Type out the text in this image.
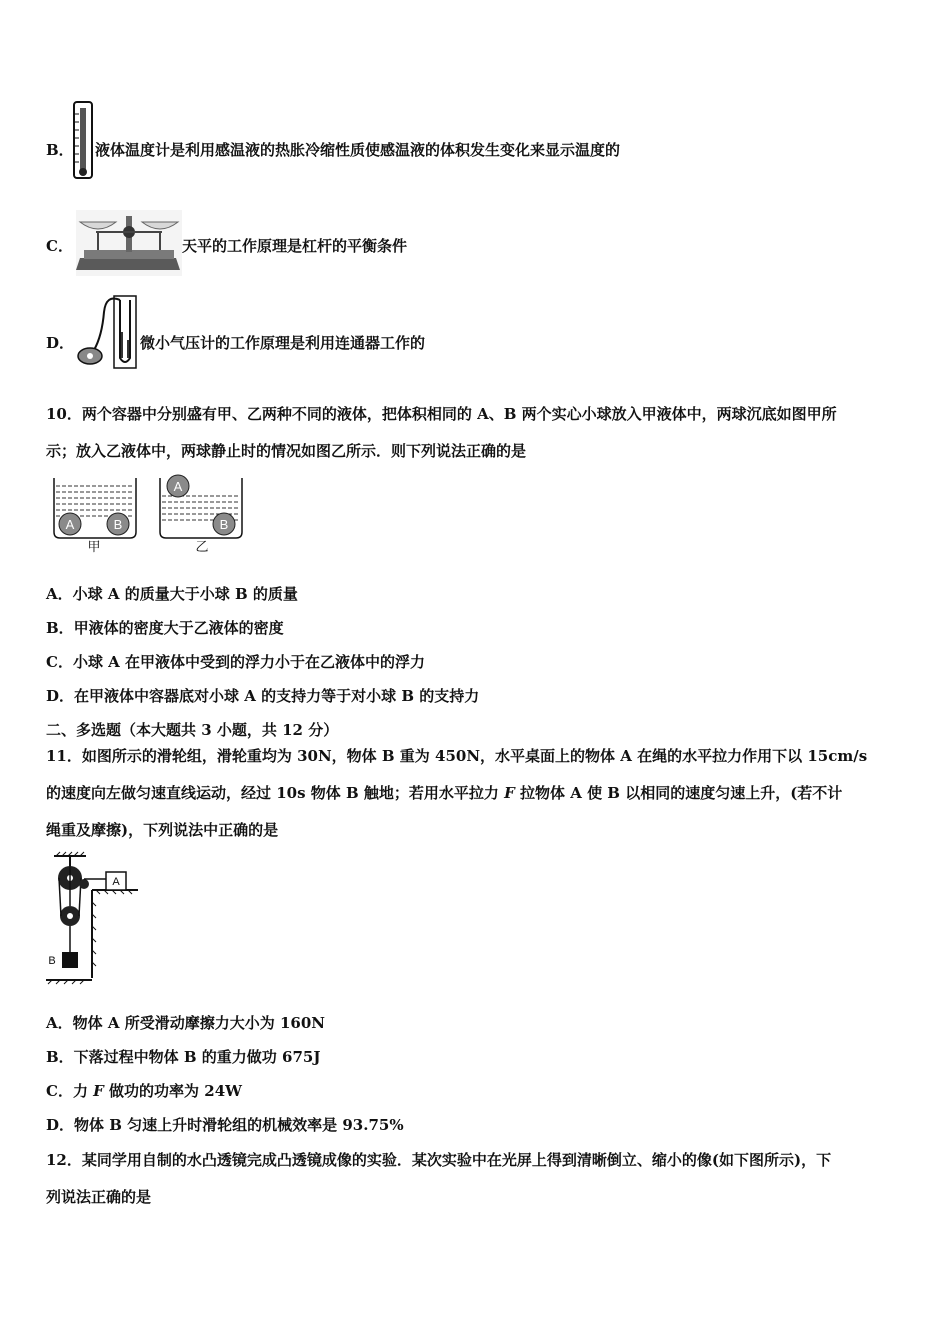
B． 液体温度计是利用感温液的热胀冷缩性质使感温液的体积发生变化来显示温度的
C．	天平的工作原理是杠杆的平衡条件
D．	微小气压计的工作原理是利用连通器工作的
10．两个容器中分别盛有甲、乙两种不同的液体，把体积相同的 A、B 两个实心小球放入甲液体中，两球沉底如图甲所
示；放入乙液体中，两球静止时的情况如图乙所示．则下列说法正确的是
A	B
甲
A
B
乙
A．小球 A 的质量大于小球 B 的质量
B．甲液体的密度大于乙液体的密度
C．小球 A 在甲液体中受到的浮力小于在乙液体中的浮力
D．在甲液体中容器底对小球 A 的支持力等于对小球 B 的支持力
二、多选题（本大题共 3 小题，共 12 分）
11．如图所示的滑轮组，滑轮重均为 30N，物体 B 重为 450N，水平桌面上的物体 A 在绳的水平拉力作用下以 15cm/s
的速度向左做匀速直线运动，经过 10s 物体 B 触地；若用水平拉力 F 拉物体 A 使 B 以相同的速度匀速上升，(若不计
绳重及摩擦)，下列说法中正确的是
A
B
A．物体 A 所受滑动摩擦力大小为 160N
B．下落过程中物体 B 的重力做功 675J
C．力 F 做功的功率为 24W
D．物体 B 匀速上升时滑轮组的机械效率是 93.75%
12．某同学用自制的水凸透镜完成凸透镜成像的实验．某次实验中在光屏上得到清晰倒立、缩小的像(如下图所示)，下
列说法正确的是
